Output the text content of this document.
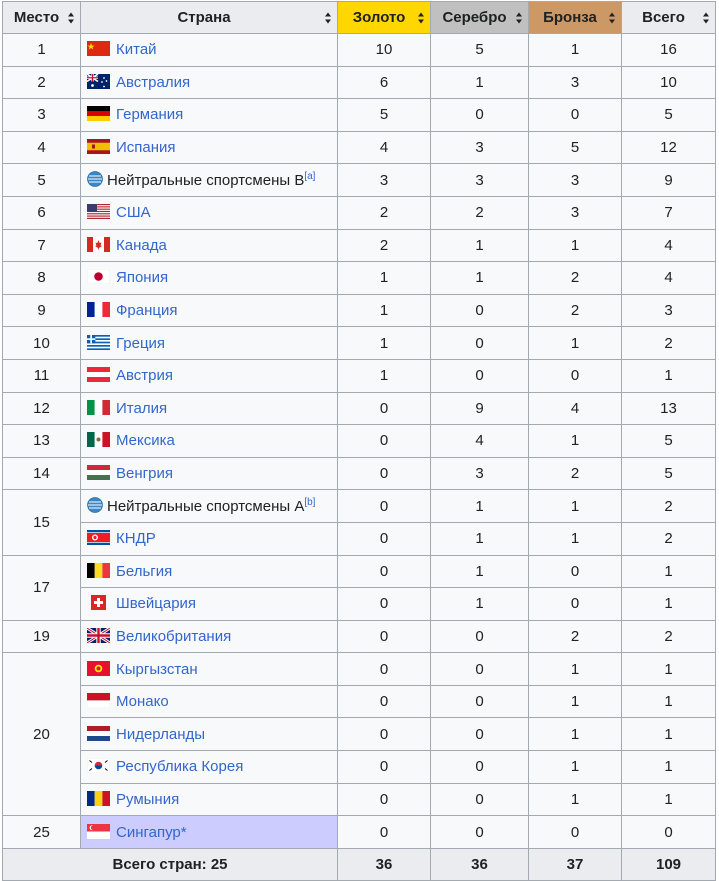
Место	Страна	Золото	Серебро	Бронза	Всего

1	Китай	10	5	1	16
2	Австралия	6	1	3	10
3	Германия	5	0	0	5
4	Испания	4	3	5	12
5	Нейтральные спортсмены B[a]	3	3	3	9
6	США	2	2	3	7
7	Канада	2	1	1	4
8	Япония	1	1	2	4
9	Франция	1	0	2	3
10	Греция	1	0	1	2
11	Австрия	1	0	0	1
12	Италия	0	9	4	13
13	Мексика	0	4	1	5
14	Венгрия	0	3	2	5
15	Нейтральные спортсмены A[b]	0	1	1	2
	КНДР	0	1	1	2
17	Бельгия	0	1	0	1
	Швейцария	0	1	0	1
19	Великобритания	0	0	2	2
20	Кыргызстан	0	0	1	1
	Монако	0	0	1	1
	Нидерланды	0	0	1	1
	Республика Корея	0	0	1	1
	Румыния	0	0	1	1
25	Сингапур*	0	0	0	0
Всего стран: 25		36	36	37	109
